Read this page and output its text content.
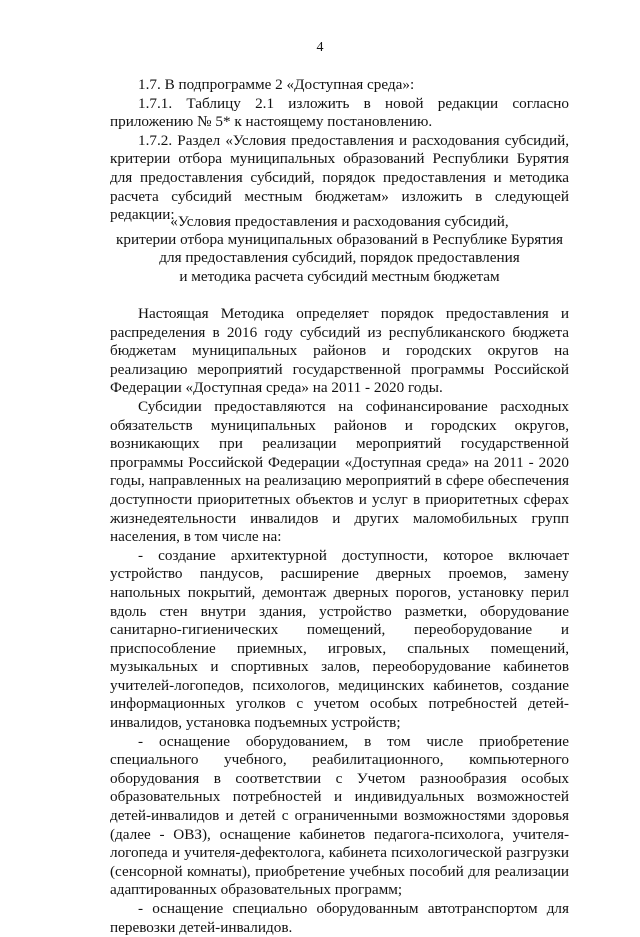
4

1.7. В подпрограмме 2 «Доступная среда»:

1.7.1. Таблицу 2.1 изложить в новой редакции согласно приложению № 5* к настоящему постановлению.

1.7.2. Раздел «Условия предоставления и расходования субсидий, критерии отбора муниципальных образований Республики Бурятия для предоставления субсидий, порядок предоставления и методика расчета субсидий местным бюджетам» изложить в следующей редакции:

«Условия предоставления и расходования субсидий,
критерии отбора муниципальных образований в Республике Бурятия
для предоставления субсидий, порядок предоставления
и методика расчета субсидий местным бюджетам

Настоящая Методика определяет порядок предоставления и распределения в 2016 году субсидий из республиканского бюджета бюджетам муниципальных районов и городских округов на реализацию мероприятий государственной программы Российской Федерации «Доступная среда» на 2011 - 2020 годы.

Субсидии предоставляются на софинансирование расходных обязательств муниципальных районов и городских округов, возникающих при реализации мероприятий государственной программы Российской Федерации «Доступная среда» на 2011 - 2020 годы, направленных на реализацию мероприятий в сфере обеспечения доступности приоритетных объектов и услуг в приоритетных сферах жизнедеятельности инвалидов и других маломобильных групп населения, в том числе на:

- создание архитектурной доступности, которое включает устройство пандусов, расширение дверных проемов, замену напольных покрытий, демонтаж дверных порогов, установку перил вдоль стен внутри здания, устройство разметки, оборудование санитарно-гигиенических помещений, переоборудование и приспособление приемных, игровых, спальных помещений, музыкальных и спортивных залов, переоборудование кабинетов учителей-логопедов, психологов, медицинских кабинетов, создание информационных уголков с учетом особых потребностей детей-инвалидов, установка подъемных устройств;

- оснащение оборудованием, в том числе приобретение специального учебного, реабилитационного, компьютерного оборудования в соответствии с Учетом разнообразия особых образовательных потребностей и индивидуальных возможностей детей-инвалидов и детей с ограниченными возможностями здоровья (далее - ОВЗ), оснащение кабинетов педагога-психолога, учителя-логопеда и учителя-дефектолога, кабинета психологической разгрузки (сенсорной комнаты), приобретение учебных пособий для реализации адаптированных образовательных программ;

- оснащение специально оборудованным автотранспортом для перевозки детей-инвалидов.
